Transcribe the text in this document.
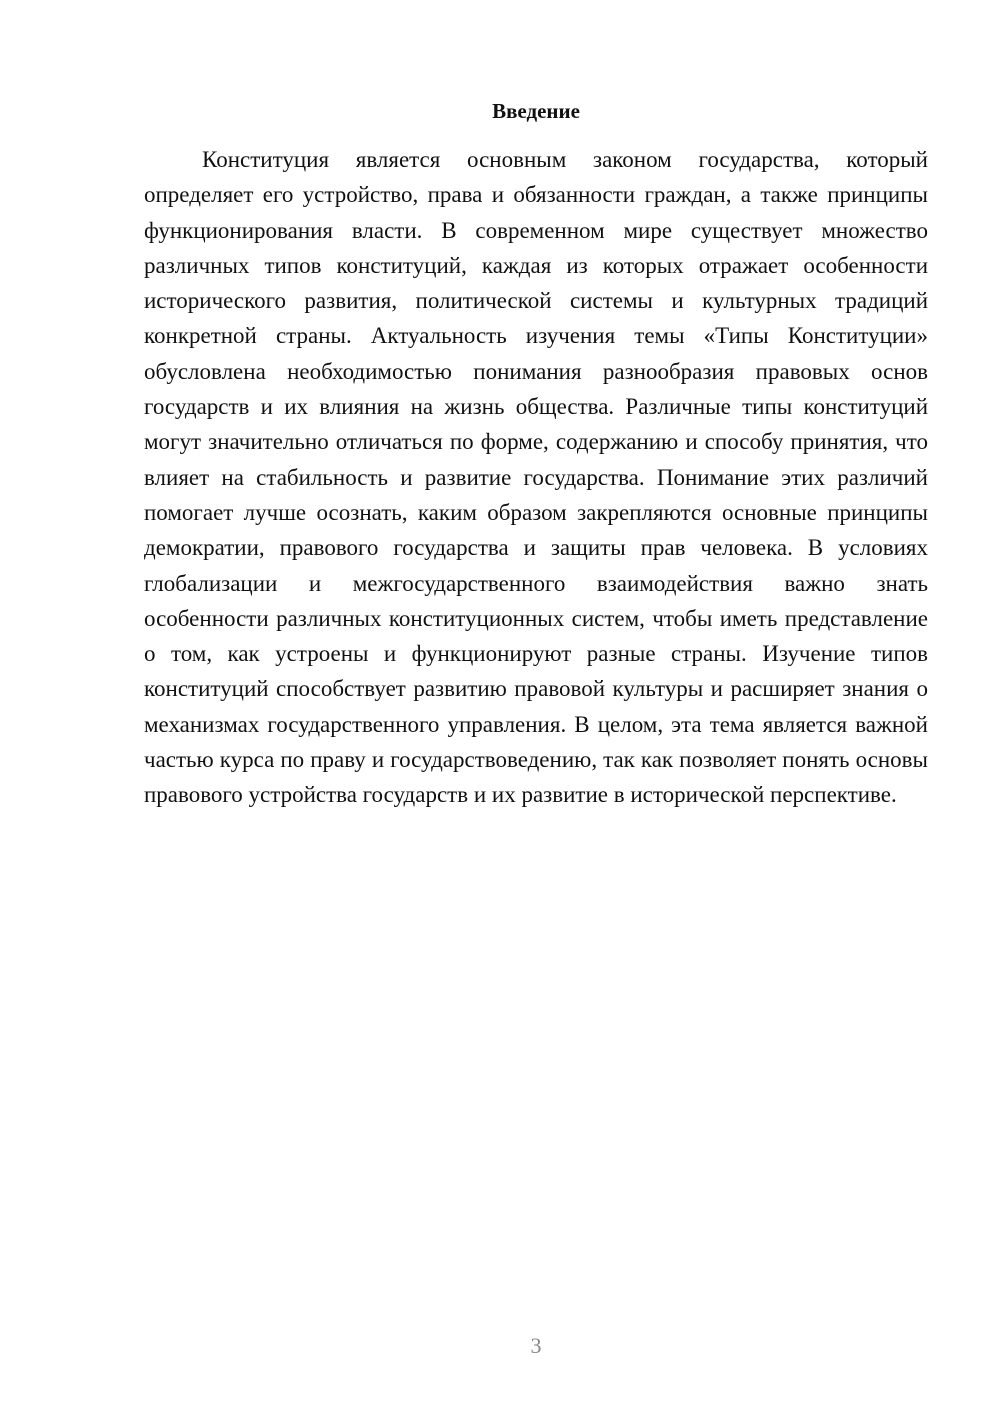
Введение

Конституция является основным законом государства, который определяет его устройство, права и обязанности граждан, а также принципы функционирования власти. В современном мире существует множество различных типов конституций, каждая из которых отражает особенности исторического развития, политической системы и культурных традиций конкретной страны. Актуальность изучения темы «Типы Конституции» обусловлена необходимостью понимания разнообразия правовых основ государств и их влияния на жизнь общества. Различные типы конституций могут значительно отличаться по форме, содержанию и способу принятия, что влияет на стабильность и развитие государства. Понимание этих различий помогает лучше осознать, каким образом закрепляются основные принципы демократии, правового государства и защиты прав человека. В условиях глобализации и межгосударственного взаимодействия важно знать особенности различных конституционных систем, чтобы иметь представление о том, как устроены и функционируют разные страны. Изучение типов конституций способствует развитию правовой культуры и расширяет знания о механизмах государственного управления. В целом, эта тема является важной частью курса по праву и государствоведению, так как позволяет понять основы правового устройства государств и их развитие в исторической перспективе.

3
